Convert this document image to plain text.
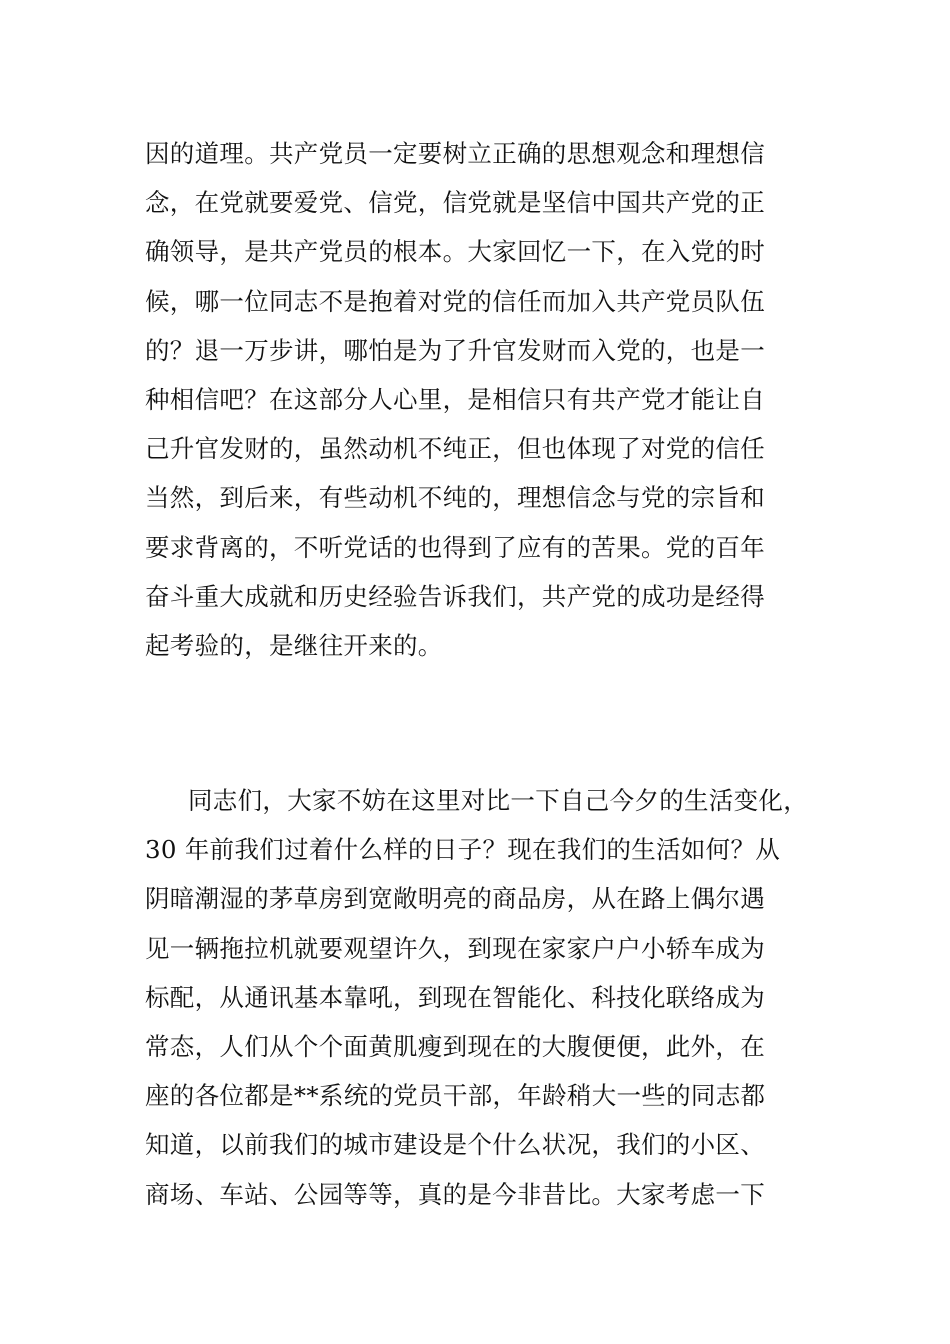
因的道理。共产党员一定要树立正确的思想观念和理想信
念，在党就要爱党、信党，信党就是坚信中国共产党的正
确领导，是共产党员的根本。大家回忆一下，在入党的时
候，哪一位同志不是抱着对党的信任而加入共产党员队伍
的？退一万步讲，哪怕是为了升官发财而入党的，也是一
种相信吧？在这部分人心里，是相信只有共产党才能让自
己升官发财的，虽然动机不纯正，但也体现了对党的信任
当然，到后来，有些动机不纯的，理想信念与党的宗旨和
要求背离的，不听党话的也得到了应有的苦果。党的百年
奋斗重大成就和历史经验告诉我们，共产党的成功是经得
起考验的，是继往开来的。
同志们，大家不妨在这里对比一下自己今夕的生活变化，
30 年前我们过着什么样的日子？现在我们的生活如何？从
阴暗潮湿的茅草房到宽敞明亮的商品房，从在路上偶尔遇
见一辆拖拉机就要观望许久，到现在家家户户小轿车成为
标配，从通讯基本靠吼，到现在智能化、科技化联络成为
常态，人们从个个面黄肌瘦到现在的大腹便便，此外，在
座的各位都是**系统的党员干部，年龄稍大一些的同志都
知道，以前我们的城市建设是个什么状况，我们的小区、
商场、车站、公园等等，真的是今非昔比。大家考虑一下
